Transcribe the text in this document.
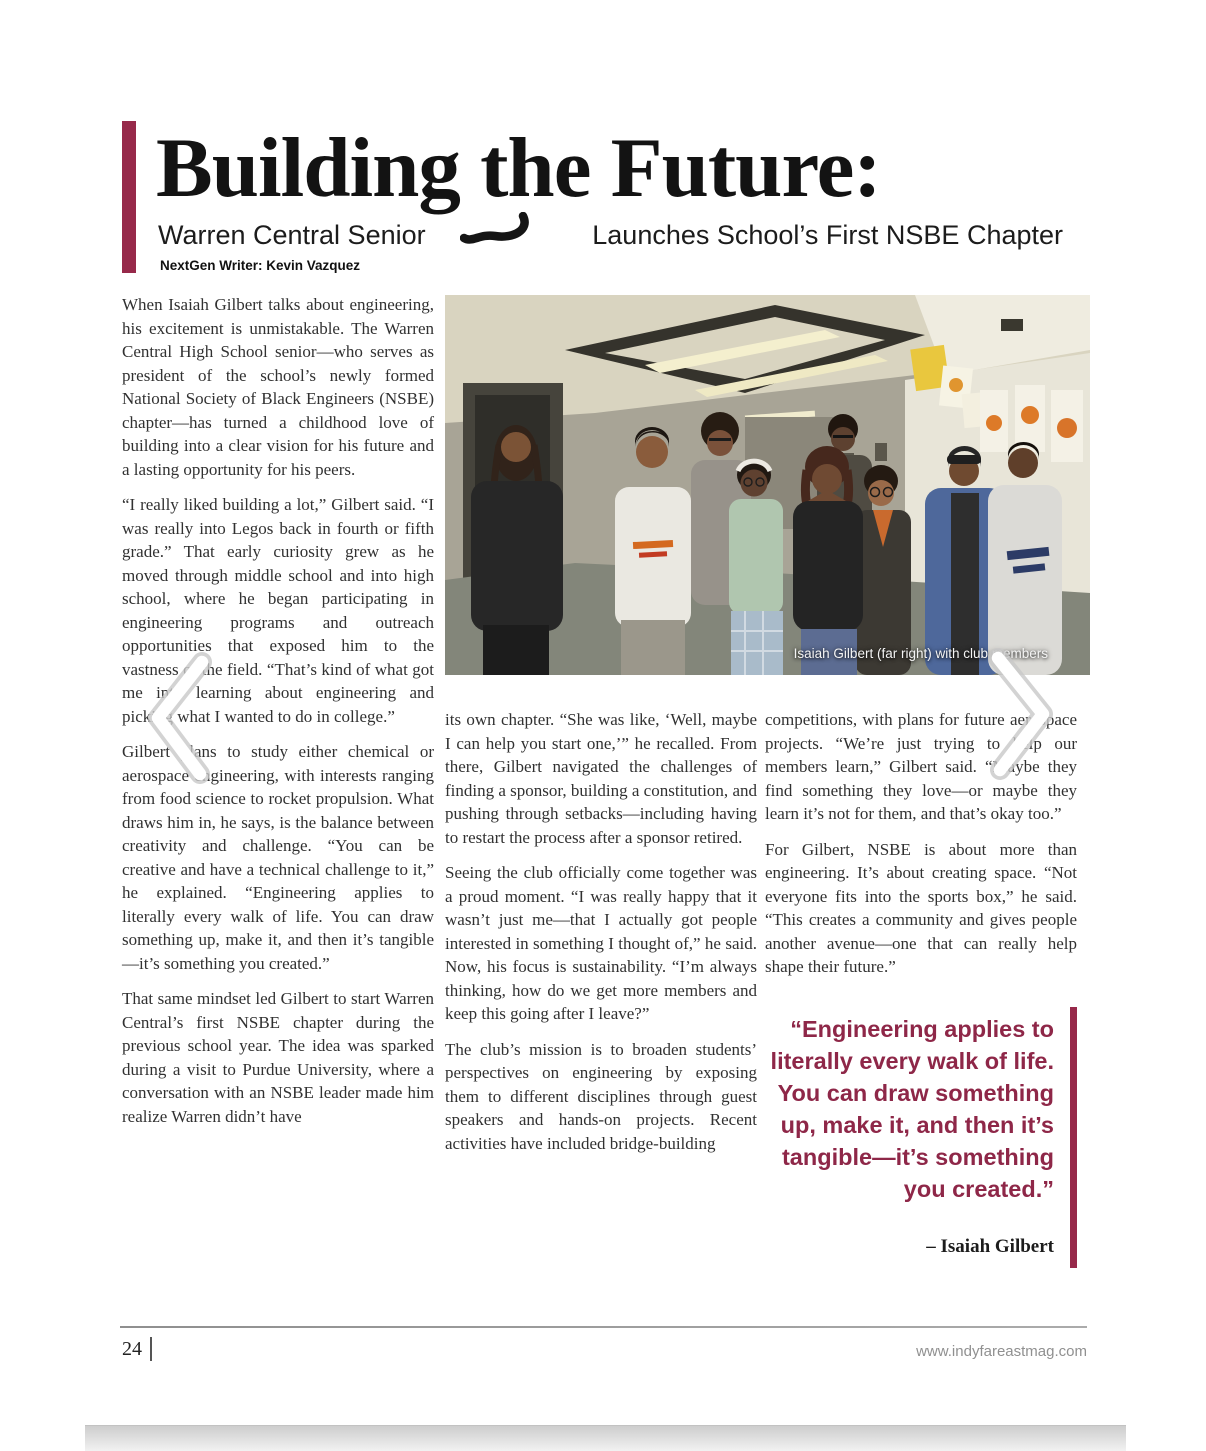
Building the Future:
Warren Central Senior	Launches School’s First NSBE Chapter
NextGen Writer: Kevin Vazquez

When Isaiah Gilbert talks about engineering, his excitement is unmistakable. The Warren Central High School senior—who serves as president of the school’s newly formed National Society of Black Engineers (NSBE) chapter—has turned a childhood love of building into a clear vision for his future and a lasting opportunity for his peers.

“I really liked building a lot,” Gilbert said. “I was really into Legos back in fourth or fifth grade.” That early curiosity grew as he moved through middle school and into high school, where he began participating in engineering programs and outreach opportunities that exposed him to the vastness of the field. “That’s kind of what got me into learning about engineering and picking what I wanted to do in college.”

Gilbert plans to study either chemical or aerospace engineering, with interests ranging from food science to rocket propulsion. What draws him in, he says, is the balance between creativity and challenge. “You can be creative and have a technical challenge to it,” he explained. “Engineering applies to literally every walk of life. You can draw something up, make it, and then it’s tangible—it’s something you created.”

That same mindset led Gilbert to start Warren Central’s first NSBE chapter during the previous school year. The idea was sparked during a visit to Purdue University, where a conversation with an NSBE leader made him realize Warren didn’t have

Isaiah Gilbert (far right) with club members

its own chapter. “She was like, ‘Well, maybe I can help you start one,’” he recalled. From there, Gilbert navigated the challenges of finding a sponsor, building a constitution, and pushing through setbacks—including having to restart the process after a sponsor retired.

Seeing the club officially come together was a proud moment. “I was really happy that it wasn’t just me—that I actually got people interested in something I thought of,” he said. Now, his focus is sustainability. “I’m always thinking, how do we get more members and keep this going after I leave?”

The club’s mission is to broaden students’ perspectives on engineering by exposing them to different disciplines through guest speakers and hands-on projects. Recent activities have included bridge-building

competitions, with plans for future aerospace projects. “We’re just trying to help our members learn,” Gilbert said. “Maybe they find something they love—or maybe they learn it’s not for them, and that’s okay too.”

For Gilbert, NSBE is about more than engineering. It’s about creating space. “Not everyone fits into the sports box,” he said. “This creates a community and gives people another avenue—one that can really help shape their future.”

“Engineering applies to literally every walk of life. You can draw something up, make it, and then it’s tangible—it’s something you created.”
– Isaiah Gilbert
24	www.indyfareastmag.com
